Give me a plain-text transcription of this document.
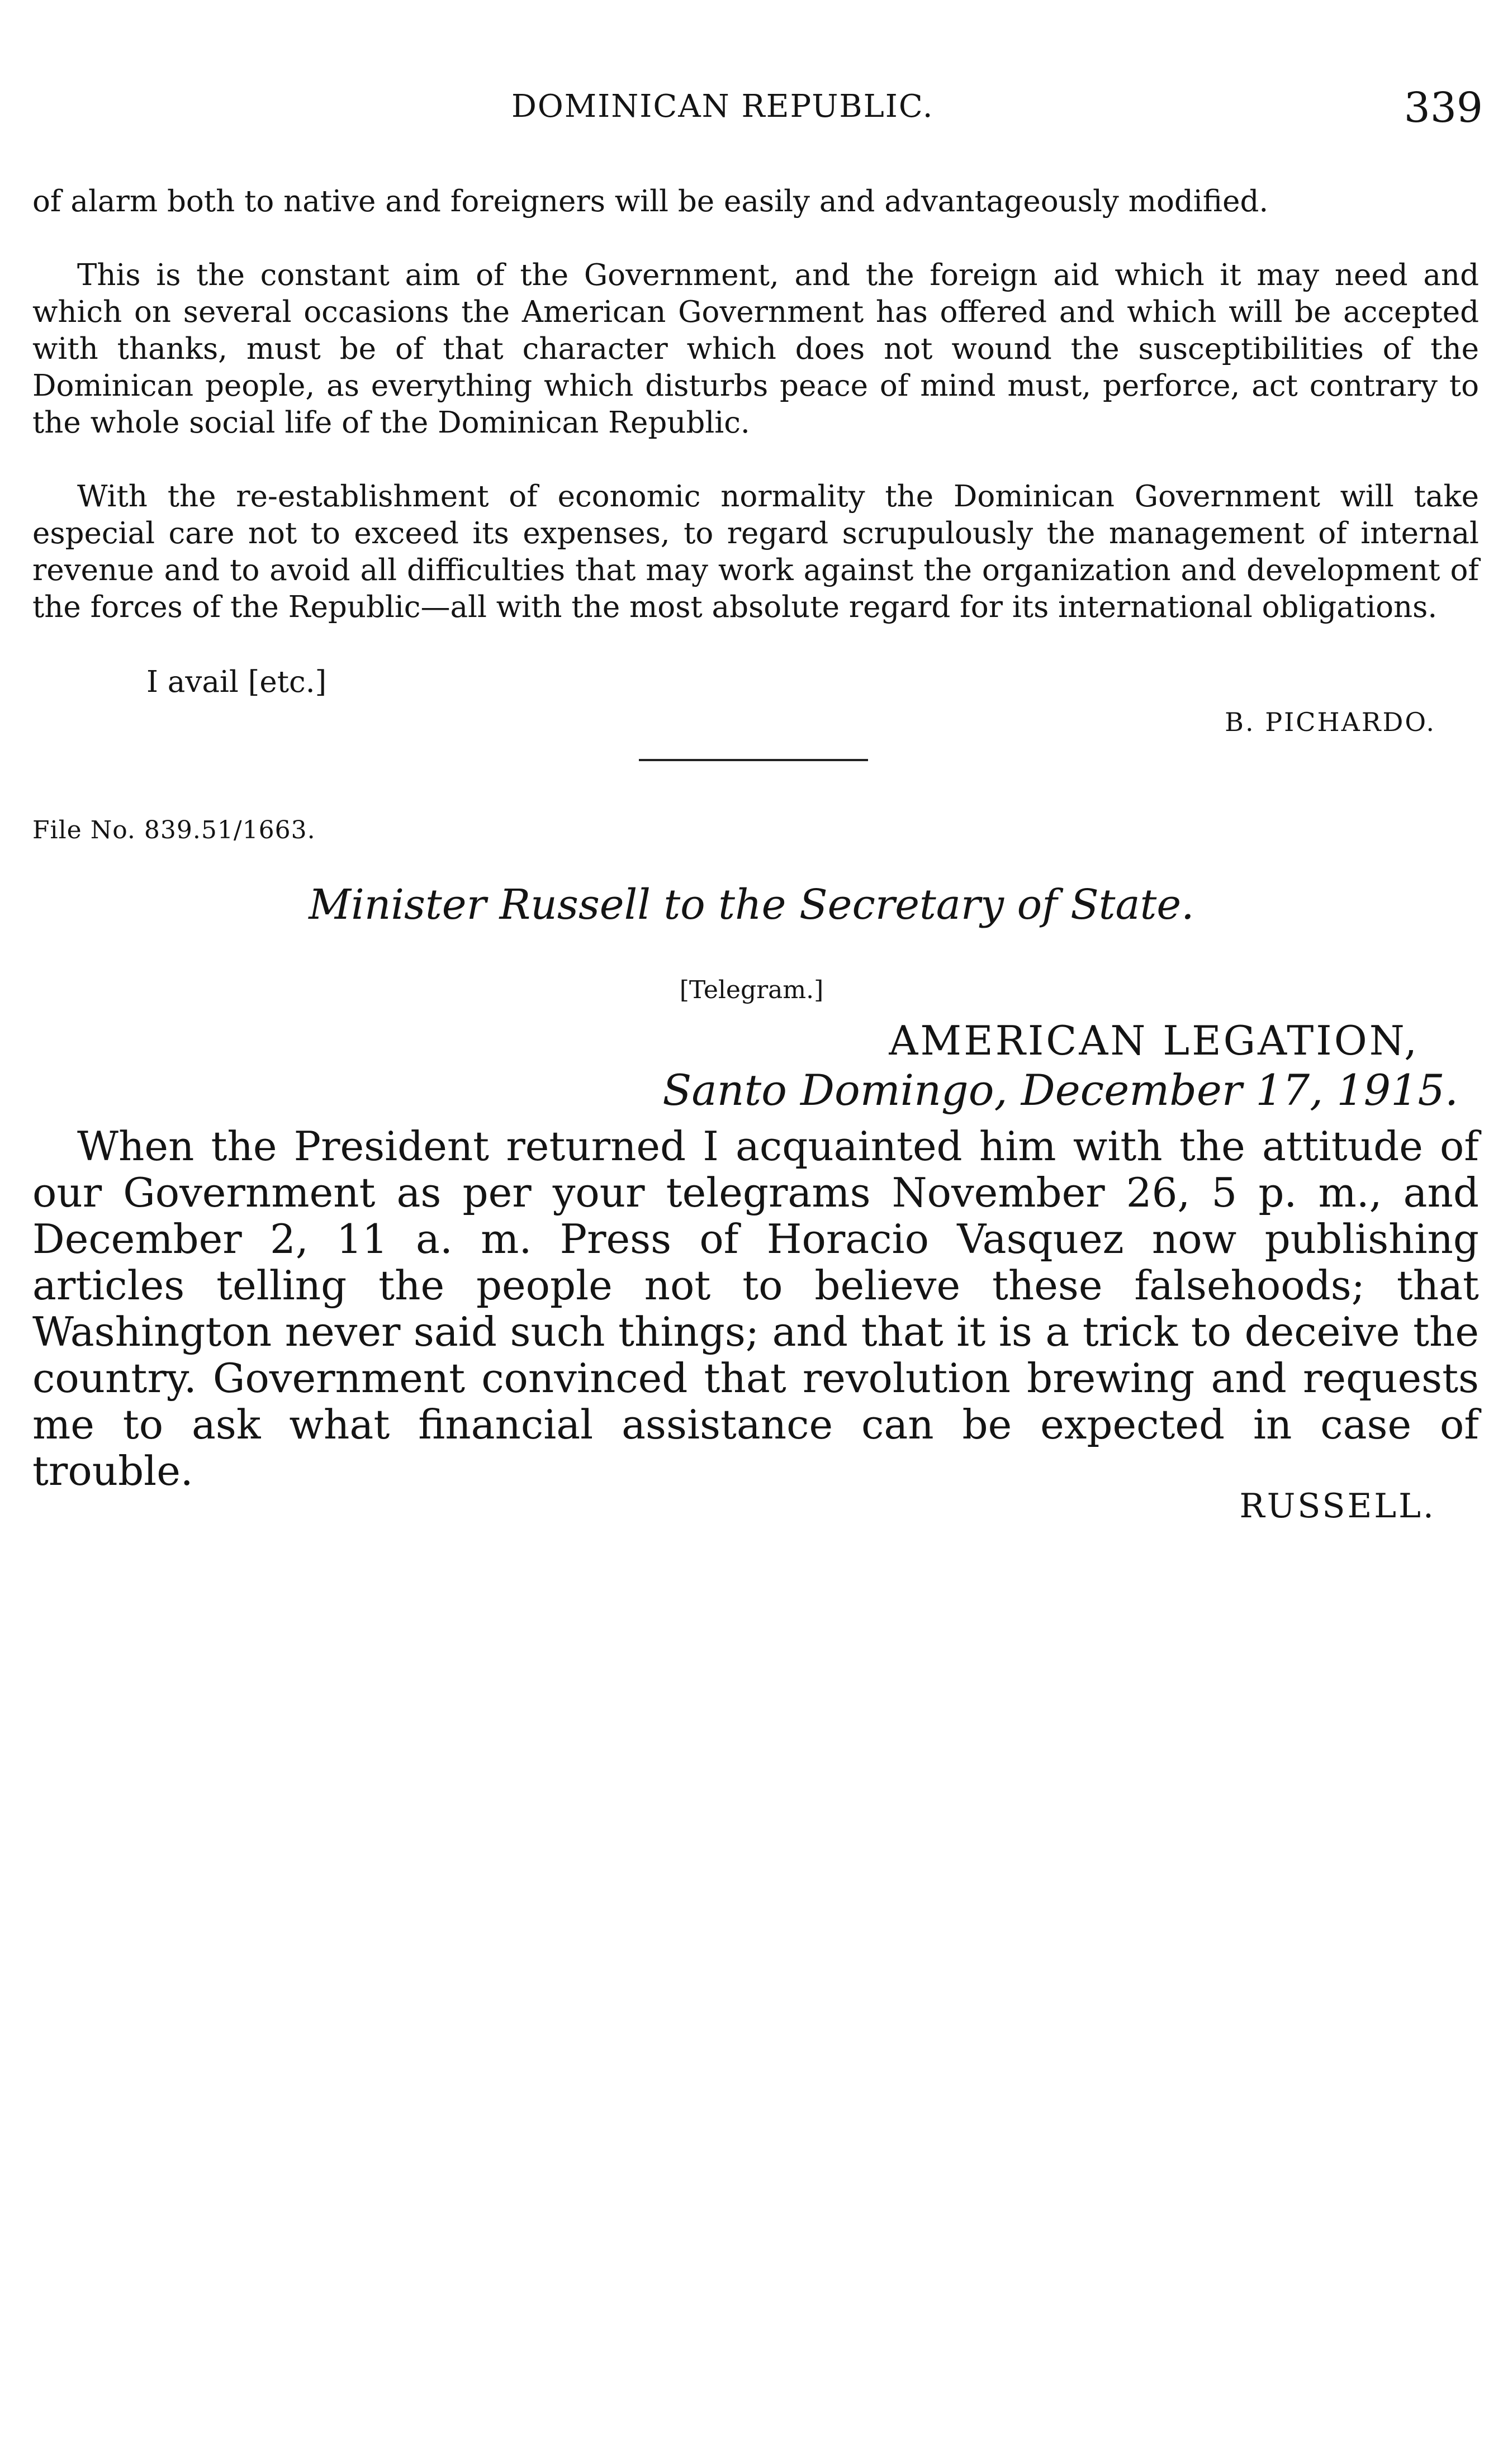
DOMINICAN REPUBLIC.	339

of alarm both to native and foreigners will be easily and advantageously modified.

This is the constant aim of the Government, and the foreign aid which it may need and which on several occasions the American Government has offered and which will be accepted with thanks, must be of that character which does not wound the susceptibilities of the Dominican people, as everything which disturbs peace of mind must, perforce, act contrary to the whole social life of the Dominican Republic.

With the re-establishment of economic normality the Dominican Government will take especial care not to exceed its expenses, to regard scrupulously the management of internal revenue and to avoid all difficulties that may work against the organization and development of the forces of the Republic—all with the most absolute regard for its international obligations.

I avail [etc.]
B. PICHARDO.
File No. 839.51/1663.
Minister Russell to the Secretary of State.
[Telegram.]
AMERICAN LEGATION,
Santo Domingo, December 17, 1915.

When the President returned I acquainted him with the attitude of our Government as per your telegrams November 26, 5 p. m., and December 2, 11 a. m. Press of Horacio Vasquez now publishing articles telling the people not to believe these falsehoods; that Washington never said such things; and that it is a trick to deceive the country. Government convinced that revolution brewing and requests me to ask what financial assistance can be expected in case of trouble.

RUSSELL.
